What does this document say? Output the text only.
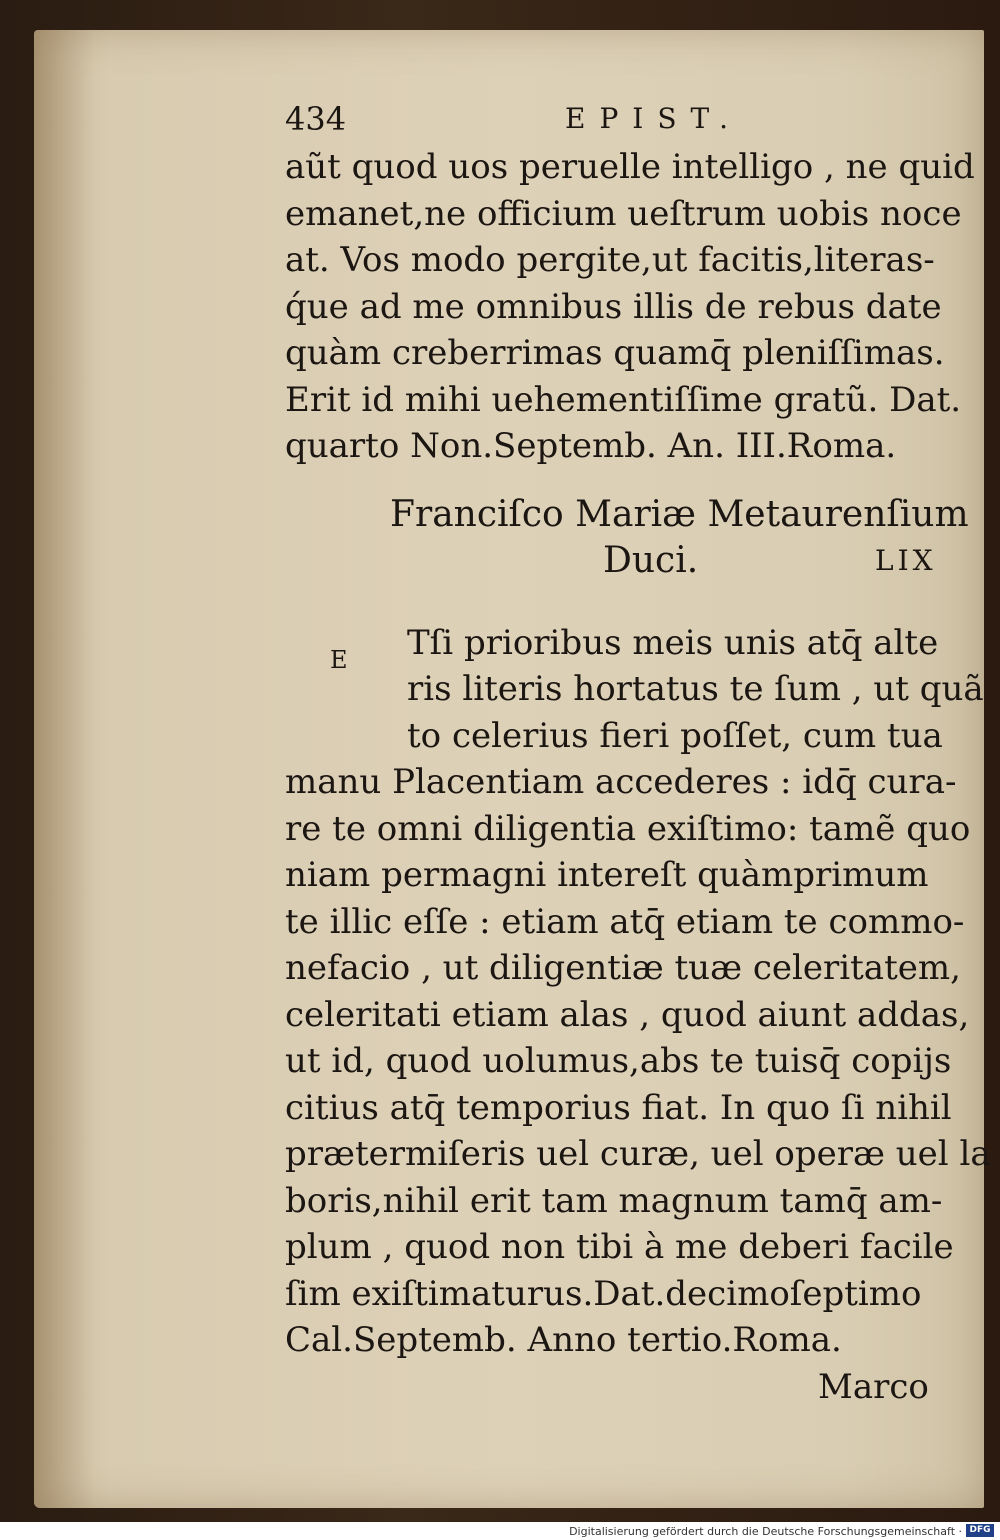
E
434	EPIST.
aũt quod uos peruelle intelligo , ne quid
emanet,ne officium ueſtrum uobis noce
at. Vos modo pergite,ut facitis,literas-
q́ue ad me omnibus illis de rebus date
quàm creberrimas quamq̄ pleniſſimas.
Erit id mihi uehementiſſime gratũ. Dat.
quarto Non.Septemb. An. III.Roma.
Franciſco Mariæ Metaurenſium
Duci.	LIX
Tſi prioribus meis unis atq̄ alte
ris literis hortatus te ſum , ut quã
to celerius fieri poſſet, cum tua
manu Placentiam accederes : idq̄ cura-
re te omni diligentia exiſtimo: tamẽ quo
niam permagni intereſt quàmprimum
te illic eſſe : etiam atq̄ etiam te commo-
nefacio , ut diligentiæ tuæ celeritatem,
celeritati etiam alas , quod aiunt addas,
ut id, quod uolumus,abs te tuisq̄ copijs
citius atq̄ temporius fiat. In quo ſi nihil
prætermiſeris uel curæ, uel operæ uel la
boris,nihil erit tam magnum tamq̄ am-
plum , quod non tibi à me deberi facile
ſim exiſtimaturus.Dat.decimoſeptimo
Cal.Septemb. Anno tertio.Roma.
Marco
Digitalisierung gefördert durch die Deutsche Forschungsgemeinschaft · DFG
